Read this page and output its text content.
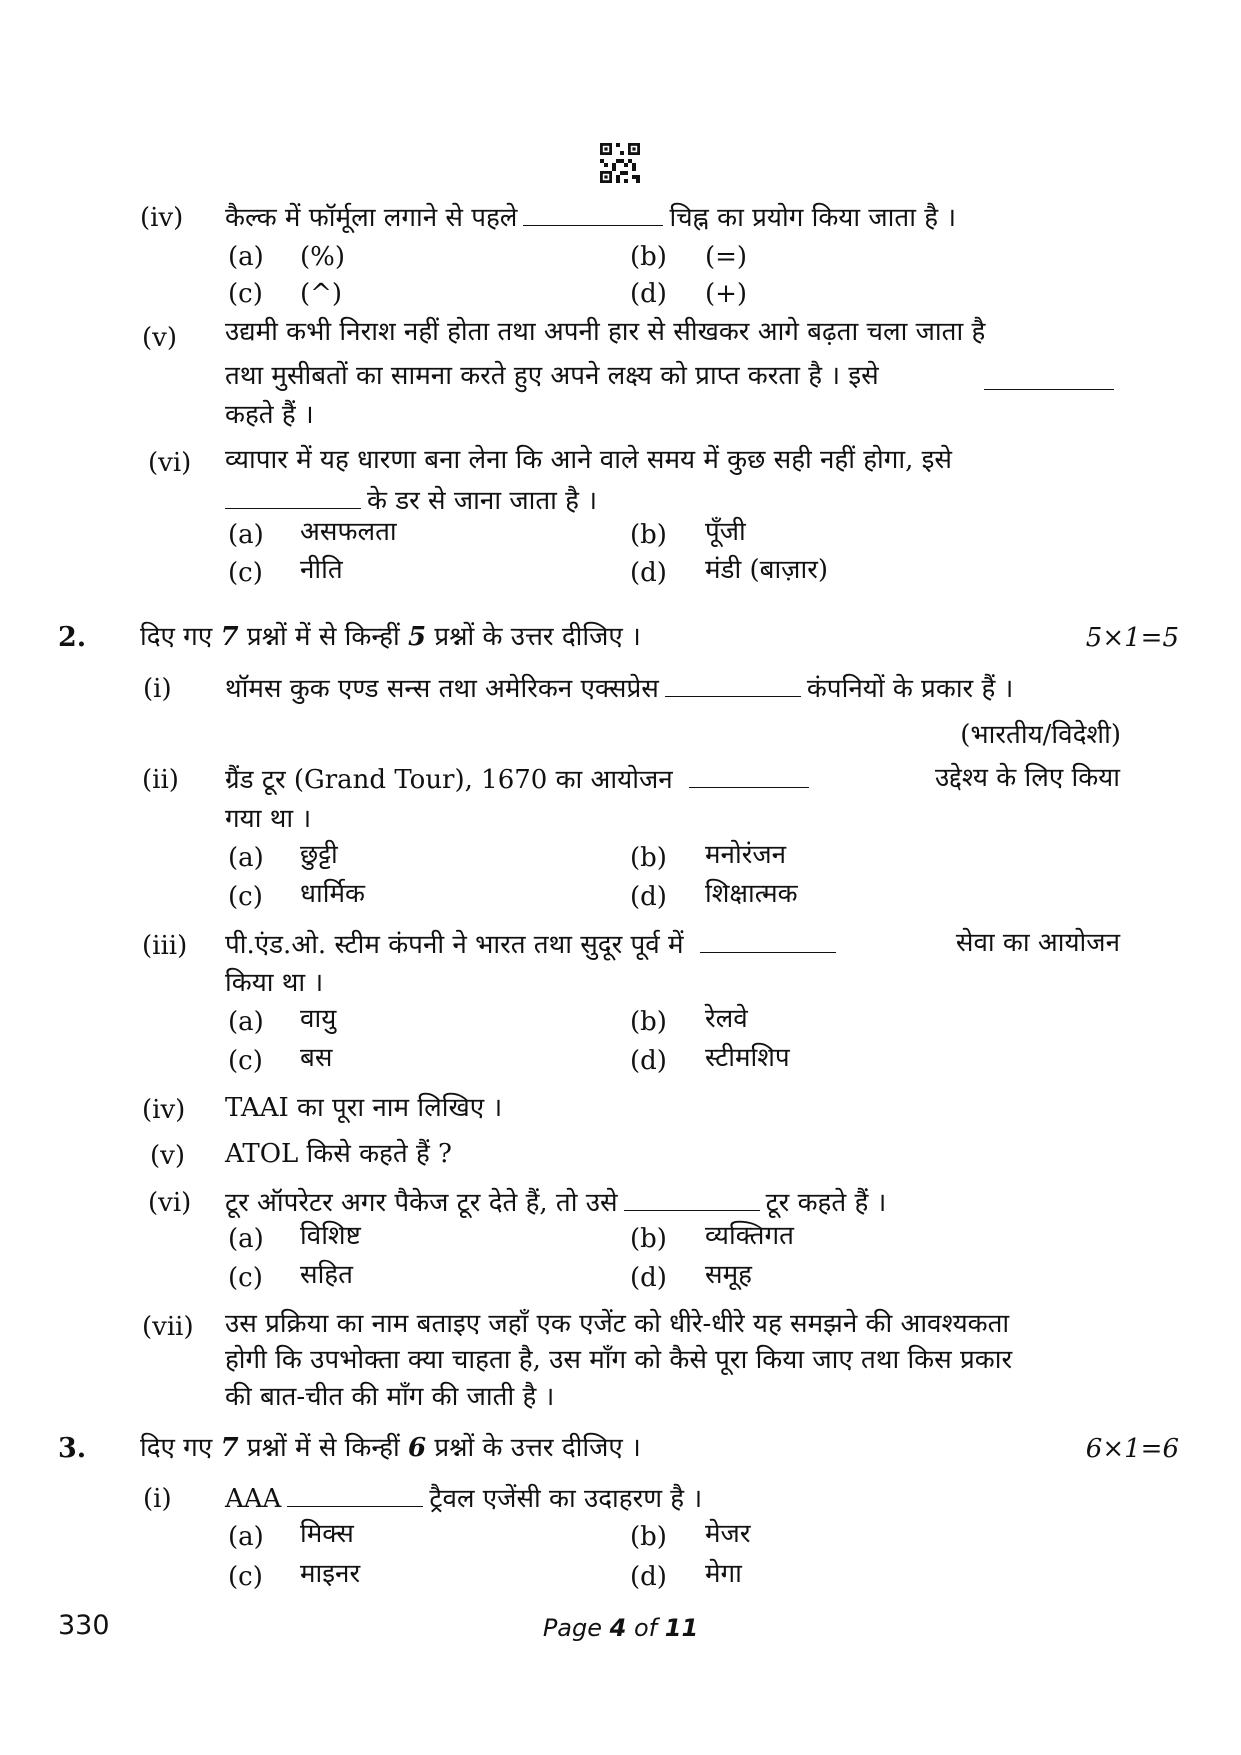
(iv) कैल्क में फॉर्मूला लगाने से पहले	चिह्न का प्रयोग किया जाता है ।
(a) (%)	(b) (=)
(c) (^)	(d) (+)
(v) उद्यमी कभी निराश नहीं होता तथा अपनी हार से सीखकर आगे बढ़ता चला जाता है
तथा मुसीबतों का सामना करते हुए अपने लक्ष्य को प्राप्त करता है । इसे
कहते हैं ।
(vi) व्यापार में यह धारणा बना लेना कि आने वाले समय में कुछ सही नहीं होगा, इसे
के डर से जाना जाता है ।
(a) असफलता	(b) पूँजी
(c) नीति	(d) मंडी (बाज़ार)
2. दिए गए 7 प्रश्नों में से किन्हीं 5 प्रश्नों के उत्तर दीजिए ।	5×1=5
(i) थॉमस कुक एण्ड सन्स तथा अमेरिकन एक्सप्रेस	कंपनियों के प्रकार हैं ।
(भारतीय/विदेशी)
(ii) ग्रैंड टूर (Grand Tour), 1670 का आयोजन	उद्देश्य के लिए किया
गया था ।
(a) छुट्टी	(b) मनोरंजन
(c) धार्मिक	(d) शिक्षात्मक
(iii) पी.एंड.ओ. स्टीम कंपनी ने भारत तथा सुदूर पूर्व में	सेवा का आयोजन
किया था ।
(a) वायु	(b) रेलवे
(c) बस	(d) स्टीमशिप
(iv) TAAI का पूरा नाम लिखिए ।
(v) ATOL किसे कहते हैं ?
(vi) टूर ऑपरेटर अगर पैकेज टूर देते हैं, तो उसे	टूर कहते हैं ।
(a) विशिष्ट	(b) व्यक्तिगत
(c) सहित	(d) समूह
(vii) उस प्रक्रिया का नाम बताइए जहाँ एक एजेंट को धीरे-धीरे यह समझने की आवश्यकता
होगी कि उपभोक्ता क्या चाहता है, उस माँग को कैसे पूरा किया जाए तथा किस प्रकार
की बात-चीत की माँग की जाती है ।
3. दिए गए 7 प्रश्नों में से किन्हीं 6 प्रश्नों के उत्तर दीजिए ।	6×1=6
(i) AAA	ट्रैवल एजेंसी का उदाहरण है ।
(a) मिक्स	(b) मेजर
(c) माइनर	(d) मेगा
330	Page 4 of 11
